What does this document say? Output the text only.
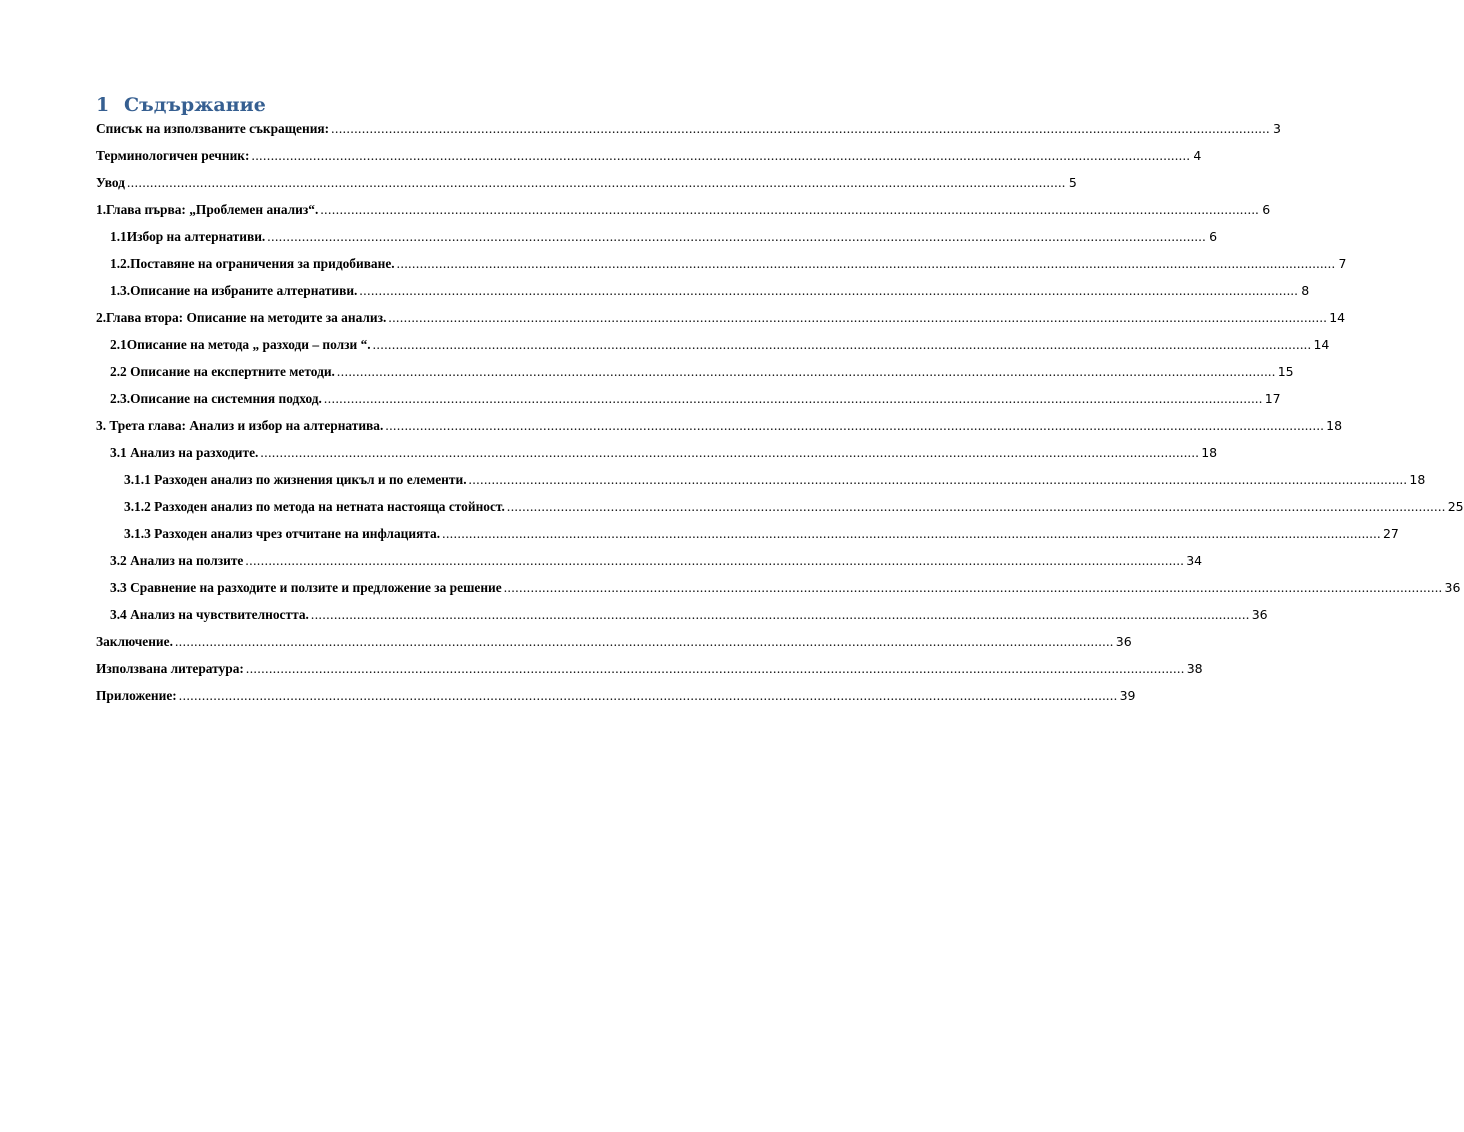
1 Съдържание
Списък на използваните съкращения: .....	3
Терминологичен речник: .....	4
Увод .....	5
1. Глава първа: „Проблемен анализ“. .....	6
1.1 Избор на алтернативи. .....	6
1.2. Поставяне на ограничения за придобиване. .....	7
1.3. Описание на избраните алтернативи. .....	8
2. Глава втора: Описание на методите за анализ. .....	14
2.1 Описание на метода „ разходи – ползи “. .....	14
2.2 Описание на експертните методи. .....	15
2.3. Описание на системния подход. .....	17
3. Трета глава: Анализ и избор на алтернатива. .....	18
3.1 Анализ на разходите. .....	18
3.1.1 Разходен анализ по жизнения цикъл и по елементи. .....	18
3.1.2 Разходен анализ по метода на нетната настояща стойност. .....	25
3.1.3 Разходен анализ чрез отчитане на инфлацията. .....	27
3.2 Анализ на ползите .....	34
3.3 Сравнение на разходите и ползите и предложение за решение .....	36
3.4 Анализ на чувствителността. .....	36
Заключение. .....	36
Използвана литература: .....	38
Приложение: .....	39
